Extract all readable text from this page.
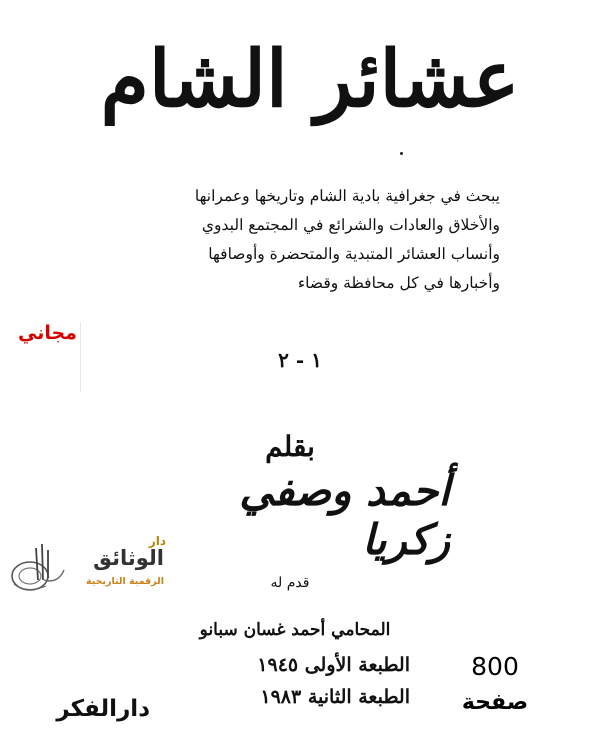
عشائر الشام
يبحث في جغرافية بادية الشام وتاريخها وعمرانها
والأخلاق والعادات والشرائع في المجتمع البدوي
وأنساب العشائر المتبدية والمتحضرة وأوصافها
وأخبارها في كل محافظة وقضاء
مجاني
١ - ٢
بقلم
أحمد وصفي زكريا
دار
الوثائق
الرقمية التاريخية	قدم له
المحامي أحمد غسان سبانو
الطبعة الأولى ١٩٤٥
الطبعة الثانية ١٩٨٣
800
صفحة
دارالفكر
